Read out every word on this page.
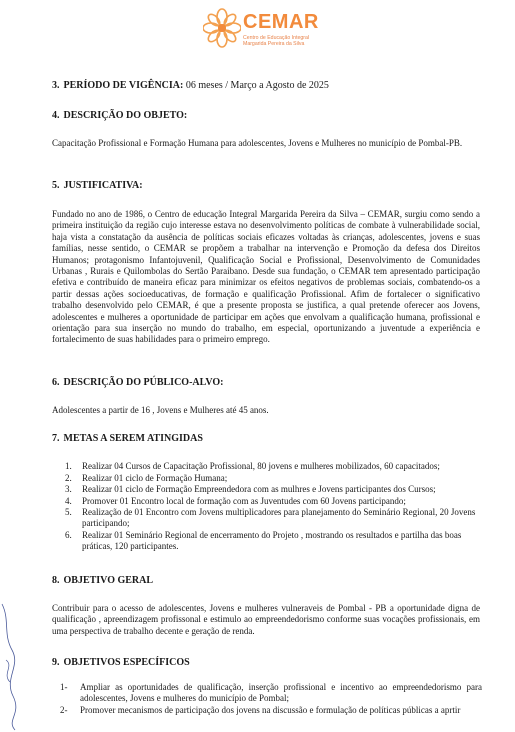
CEMAR
Centro de Educação Integral
Margarida Pereira da Silva
3. PERÍODO DE VIGÊNCIA: 06 meses / Março a Agosto de 2025
4. DESCRIÇÃO DO OBJETO:
Capacitação Profissional e Formação Humana para adolescentes, Jovens e Mulheres no município de Pombal-PB.
5. JUSTIFICATIVA:
Fundado no ano de 1986, o Centro de educação Integral Margarida Pereira da Silva – CEMAR, surgiu como sendo a primeira instituição da região cujo interesse estava no desenvolvimento políticas de combate à vulnerabilidade social, haja vista a constatação da ausência de políticas sociais eficazes voltadas às crianças, adolescentes, jovens e suas famílias, nesse sentido, o CEMAR se propõem a trabalhar na intervenção e Promoção da defesa dos Direitos Humanos; protagonismo Infantojuvenil, Qualificação Social e Profissional, Desenvolvimento de Comunidades Urbanas , Rurais e Quilombolas do Sertão Paraibano. Desde sua fundação, o CEMAR tem apresentado participação efetiva e contribuído de maneira eficaz para minimizar os efeitos negativos de problemas sociais, combatendo-os a partir dessas ações socioeducativas, de formação e qualificação Profissional. Afim de fortalecer o significativo trabalho desenvolvido pelo CEMAR, é que a presente proposta se justifica, a qual pretende oferecer aos Jovens, adolescentes e mulheres a oportunidade de participar em ações que envolvam a qualificação humana, profissional e orientação para sua inserção no mundo do trabalho, em especial, oportunizando a juventude a experiência e fortalecimento de suas habilidades para o primeiro emprego.
6. DESCRIÇÃO DO PÚBLICO-ALVO:
Adolescentes a partir de 16 , Jovens e Mulheres até 45 anos.
7. METAS A SEREM ATINGIDAS
1. Realizar 04 Cursos de Capacitação Profissional, 80 jovens e mulheres mobilizados, 60 capacitados;
2. Realizar 01 ciclo de Formação Humana;
3. Realizar 01 ciclo de Formação Empreendedora com as mulhres e Jovens participantes dos Cursos;
4. Promover 01 Encontro local de formação com as Juventudes com 60 Jovens participando;
5. Realização de 01 Encontro com Jovens multiplicadores para planejamento do Seminário Regional, 20 Jovens participando;
6. Realizar 01 Seminário Regional de encerramento do Projeto , mostrando os resultados e partilha das boas práticas, 120 participantes.
8. OBJETIVO GERAL
Contribuir para o acesso de adolescentes, Jovens e mulheres vulneraveis de Pombal - PB a oportunidade digna de qualificação , apreendizagem profissonal e estimulo ao empreendedorismo conforme suas vocações profissionais, em uma perspectiva de trabalho decente e geração de renda.
9. OBJETIVOS ESPECÍFICOS
1- Ampliar as oportunidades de qualificação, inserção profissional e incentivo ao empreendedorismo para adolescentes, Jovens e mulheres do município de Pombal;
2- Promover mecanismos de participação dos jovens na discussão e formulação de políticas públicas a aprtir
